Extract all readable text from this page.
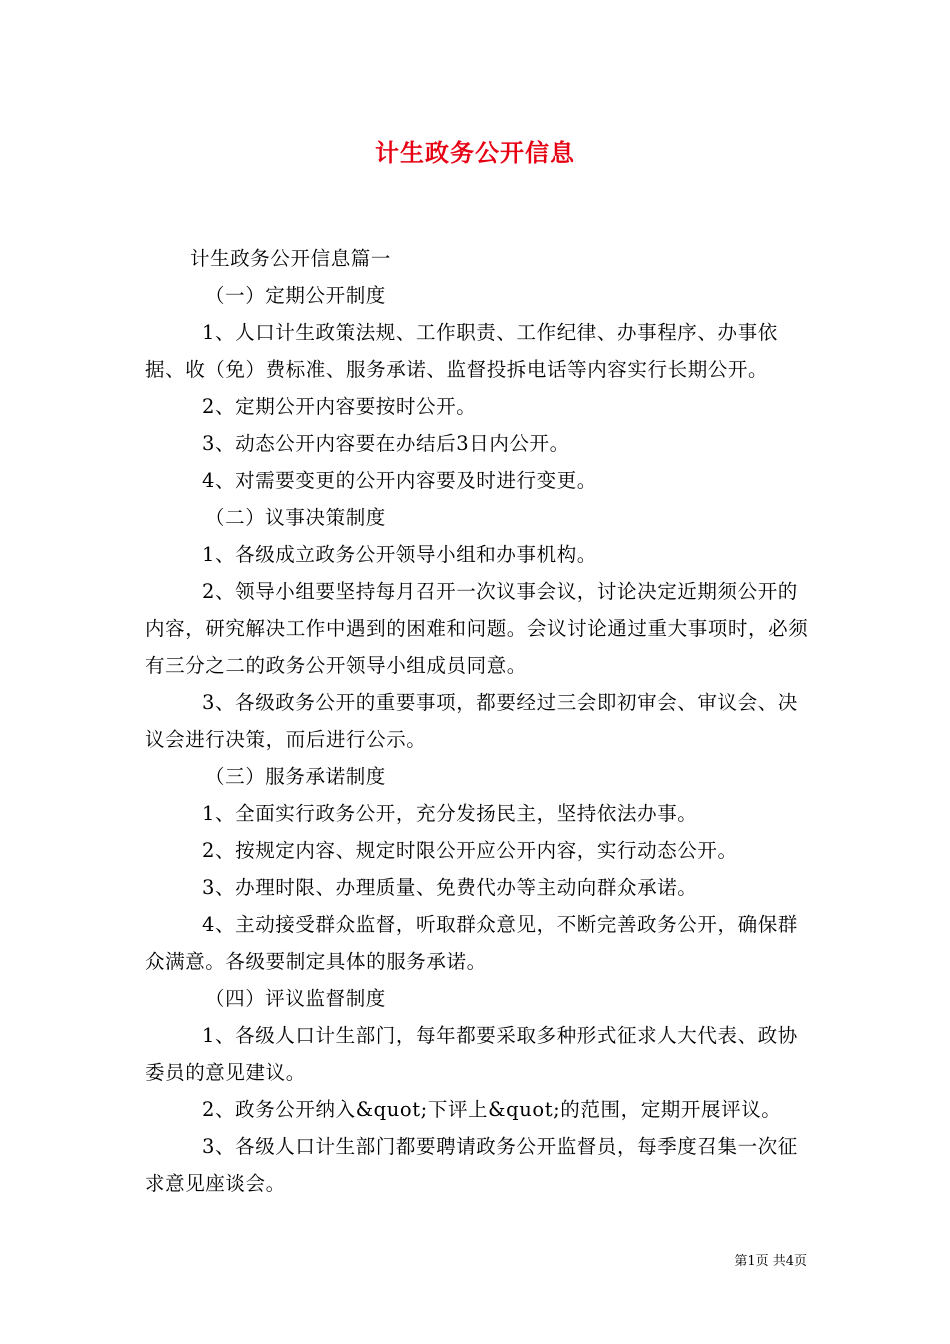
计生政务公开信息

计生政务公开信息篇一

（一）定期公开制度

1、人口计生政策法规、工作职责、工作纪律、办事程序、办事依据、收（免）费标准、服务承诺、监督投拆电话等内容实行长期公开。

2、定期公开内容要按时公开。

3、动态公开内容要在办结后3日内公开。

4、对需要变更的公开内容要及时进行变更。

（二）议事决策制度

1、各级成立政务公开领导小组和办事机构。

2、领导小组要坚持每月召开一次议事会议，讨论决定近期须公开的内容，研究解决工作中遇到的困难和问题。会议讨论通过重大事项时，必须有三分之二的政务公开领导小组成员同意。

3、各级政务公开的重要事项，都要经过三会即初审会、审议会、决议会进行决策，而后进行公示。

（三）服务承诺制度

1、全面实行政务公开，充分发扬民主，坚持依法办事。

2、按规定内容、规定时限公开应公开内容，实行动态公开。

3、办理时限、办理质量、免费代办等主动向群众承诺。

4、主动接受群众监督，听取群众意见，不断完善政务公开，确保群众满意。各级要制定具体的服务承诺。

（四）评议监督制度

1、各级人口计生部门，每年都要采取多种形式征求人大代表、政协委员的意见建议。

2、政务公开纳入&quot;下评上&quot;的范围，定期开展评议。

3、各级人口计生部门都要聘请政务公开监督员，每季度召集一次征求意见座谈会。

第1页 共4页
